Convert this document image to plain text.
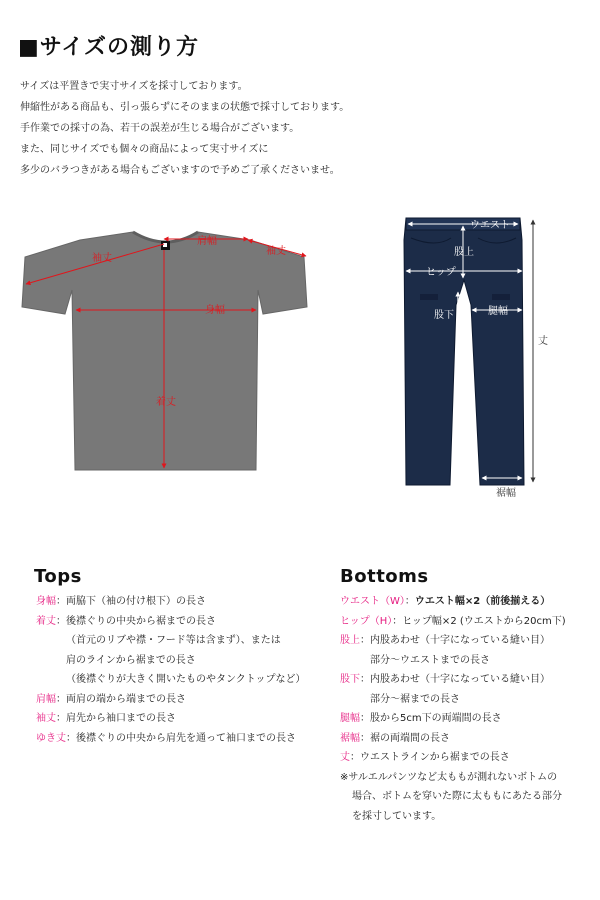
■サイズの測り方
サイズは平置きで実寸サイズを採寸しております。
伸縮性がある商品も、引っ張らずにそのままの状態で採寸しております。
手作業での採寸の為、若干の誤差が生じる場合がございます。
また、同じサイズでも個々の商品によって実寸サイズに
多少のバラつきがある場合もございますので予めご了承くださいませ。
袖丈
肩幅
袖丈
身幅
着丈
ウエスト
股上
ヒップ
股下	腿幅
丈
裾幅
Tops
身幅：両脇下（袖の付け根下）の長さ
着丈：後襟ぐりの中央から裾までの長さ
（首元のリブや襟・フード等は含まず）、または
肩のラインから裾までの長さ
（後襟ぐりが大きく開いたものやタンクトップなど）
肩幅：両肩の端から端までの長さ
袖丈：肩先から袖口までの長さ
ゆき丈：後襟ぐりの中央から肩先を通って袖口までの長さ
Bottoms
ウエスト（W）：ウエスト幅×2（前後揃える）
ヒップ（H）：ヒップ幅×2 (ウエストから20cm下)
股上：内股あわせ（十字になっている縫い目）
部分～ウエストまでの長さ
股下：内股あわせ（十字になっている縫い目）
部分～裾までの長さ
腿幅：股から5cm下の両端間の長さ
裾幅：裾の両端間の長さ
丈：ウエストラインから裾までの長さ
※サルエルパンツなど太ももが測れないボトムの
場合、ボトムを穿いた際に太ももにあたる部分
を採寸しています。
